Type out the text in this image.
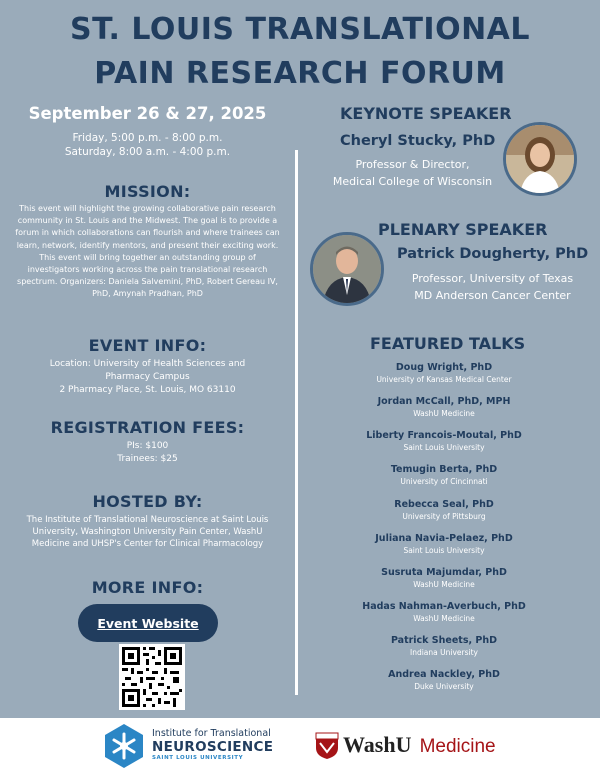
ST. LOUIS TRANSLATIONAL
PAIN RESEARCH FORUM
September 26 & 27, 2025
Friday, 5:00 p.m. - 8:00 p.m.
Saturday, 8:00 a.m. - 4:00 p.m.
MISSION:
This event will highlight the growing collaborative pain research community in St. Louis and the Midwest. The goal is to provide a forum in which collaborations can flourish and where trainees can learn, network, identify mentors, and present their exciting work. This event will bring together an outstanding group of investigators working across the pain translational research spectrum. Organizers: Daniela Salvemini, PhD, Robert Gereau IV, PhD, Amynah Pradhan, PhD
EVENT INFO:
Location: University of Health Sciences and
Pharmacy Campus
2 Pharmacy Place, St. Louis, MO 63110
REGISTRATION FEES:
PIs: $100
Trainees: $25
HOSTED BY:
The Institute of Translational Neuroscience at Saint Louis University, Washington University Pain Center, WashU Medicine and UHSP's Center for Clinical Pharmacology
MORE INFO:
Event Website
KEYNOTE SPEAKER
Cheryl Stucky, PhD
Professor & Director,
Medical College of Wisconsin
PLENARY SPEAKER
Patrick Dougherty, PhD
Professor, University of Texas
MD Anderson Cancer Center
FEATURED TALKS
Doug Wright, PhD
University of Kansas Medical Center
Jordan McCall, PhD, MPH
WashU Medicine
Liberty Francois-Moutal, PhD
Saint Louis University
Temugin Berta, PhD
University of Cincinnati
Rebecca Seal, PhD
University of Pittsburg
Juliana Navia-Pelaez, PhD
Saint Louis University
Susruta Majumdar, PhD
WashU Medicine
Hadas Nahman-Averbuch, PhD
WashU Medicine
Patrick Sheets, PhD
Indiana University
Andrea Nackley, PhD
Duke University
Institute for Translational
NEUROSCIENCE
SAINT LOUIS UNIVERSITY
WashU Medicine
